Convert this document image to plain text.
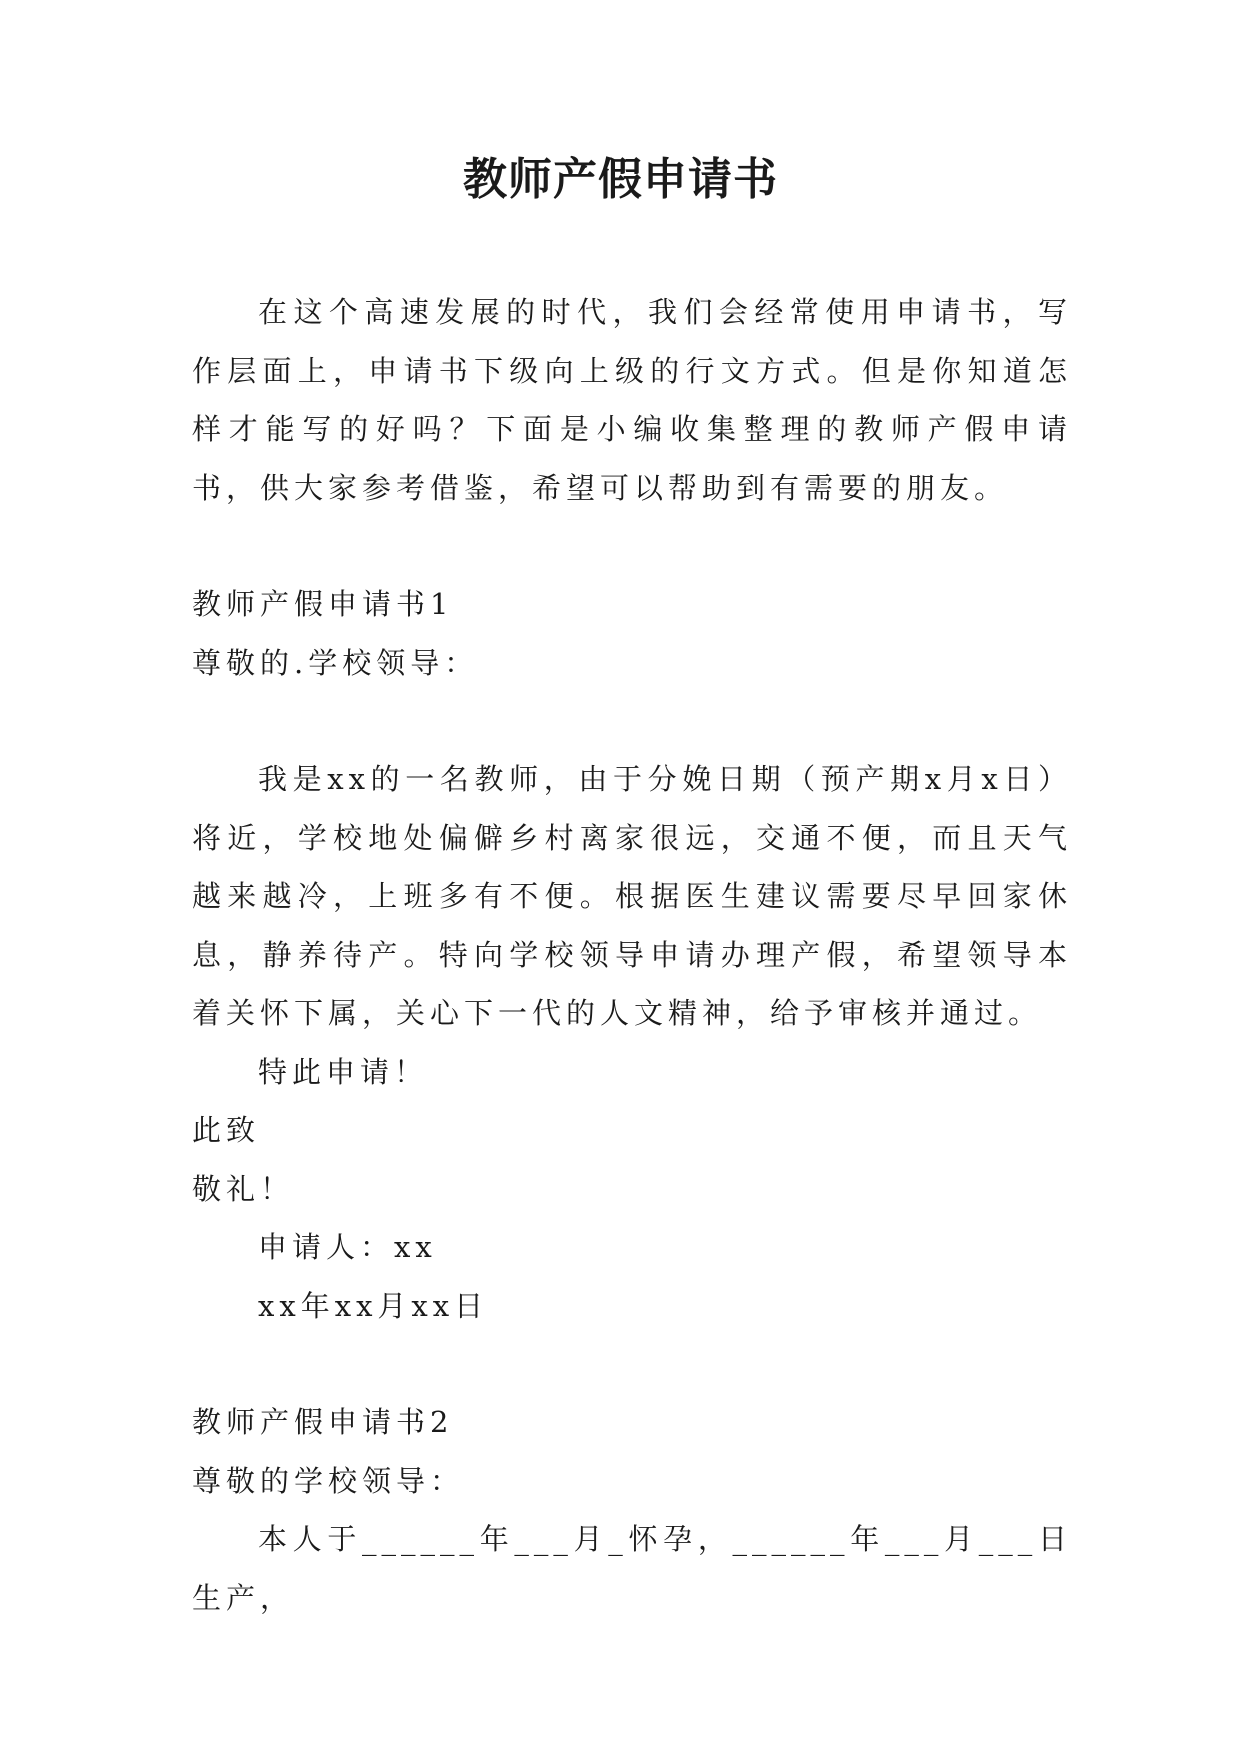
教师产假申请书

在这个高速发展的时代，我们会经常使用申请书，写作层面上，申请书下级向上级的行文方式。但是你知道怎样才能写的好吗？下面是小编收集整理的教师产假申请书，供大家参考借鉴，希望可以帮助到有需要的朋友。

教师产假申请书1

尊敬的.学校领导：

我是xx的一名教师，由于分娩日期（预产期x月x日）将近，学校地处偏僻乡村离家很远，交通不便，而且天气越来越冷，上班多有不便。根据医生建议需要尽早回家休息，静养待产。特向学校领导申请办理产假，希望领导本着关怀下属，关心下一代的人文精神，给予审核并通过。

特此申请！

此致

敬礼！

申请人：xx

xx年xx月xx日

教师产假申请书2

尊敬的学校领导：

本人于______年___月_怀孕，______年___月___日生产，
